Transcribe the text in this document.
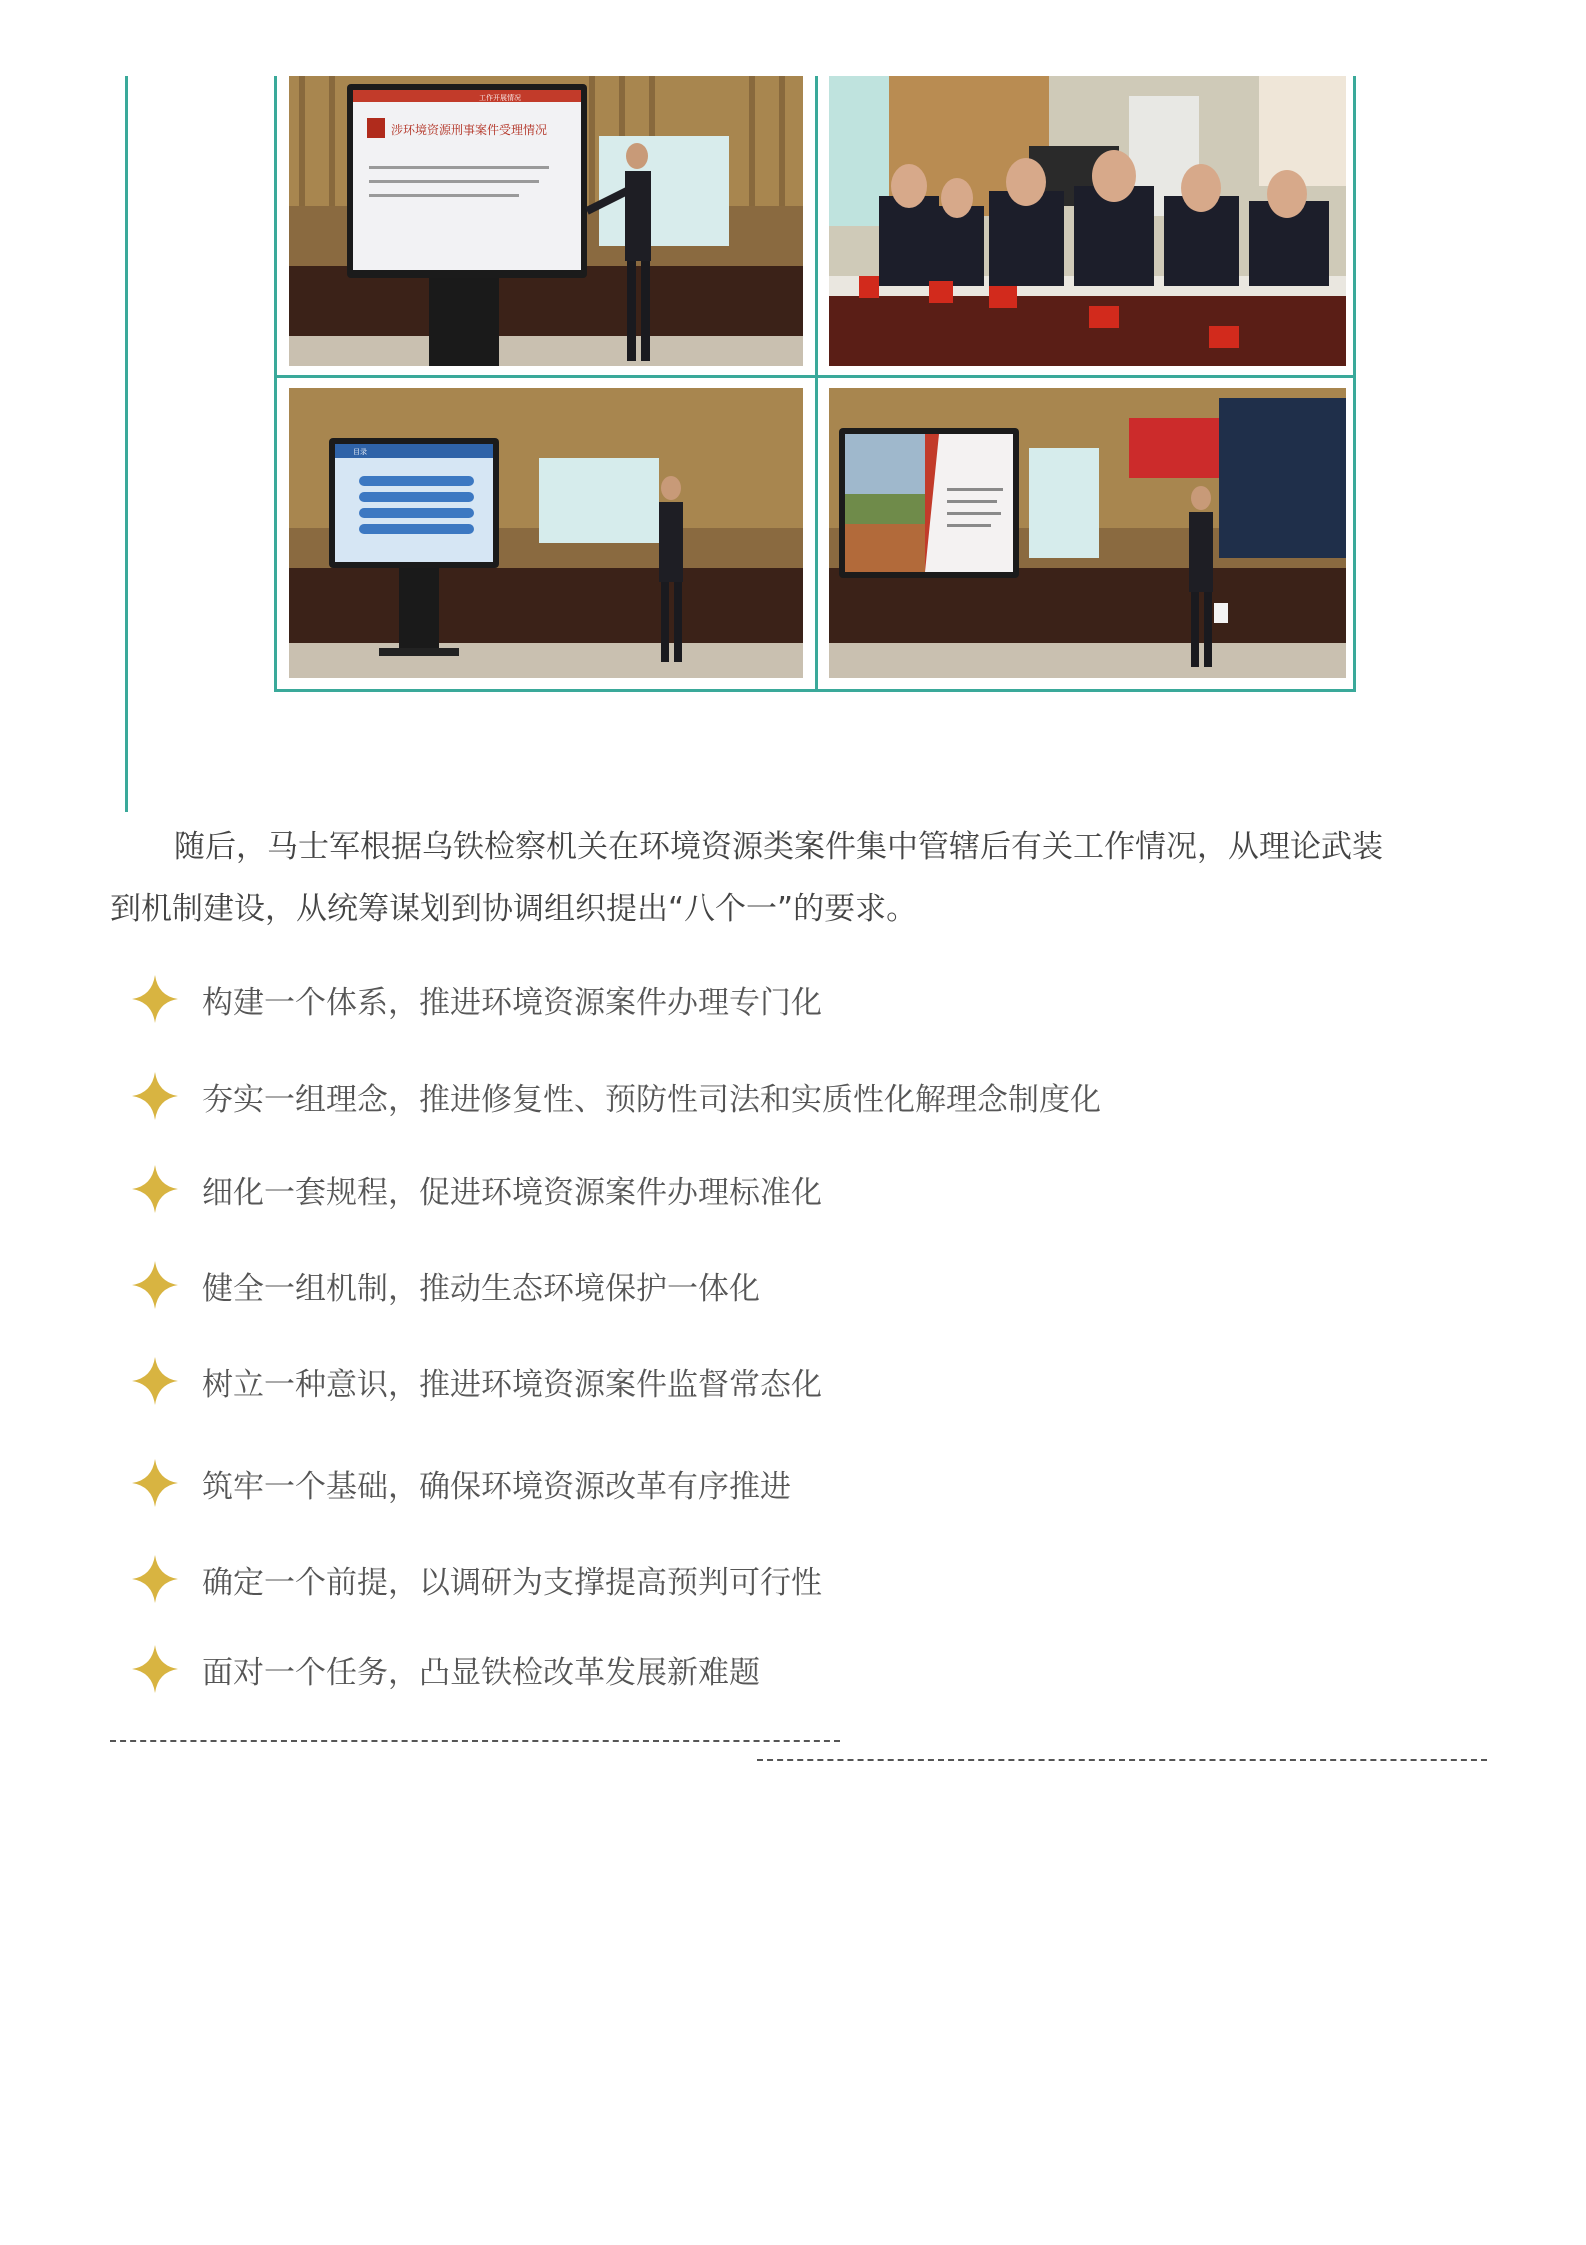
工作开展情况
涉环境资源刑事案件受理情况
目录

随后，马士军根据乌铁检察机关在环境资源类案件集中管辖后有关工作情况，从理论武装
到机制建设，从统筹谋划到协调组织提出“八个一”的要求。

构建一个体系，推进环境资源案件办理专门化
夯实一组理念，推进修复性、预防性司法和实质性化解理念制度化
细化一套规程，促进环境资源案件办理标准化
健全一组机制，推动生态环境保护一体化
树立一种意识，推进环境资源案件监督常态化
筑牢一个基础，确保环境资源改革有序推进
确定一个前提，以调研为支撑提高预判可行性
面对一个任务，凸显铁检改革发展新难题
